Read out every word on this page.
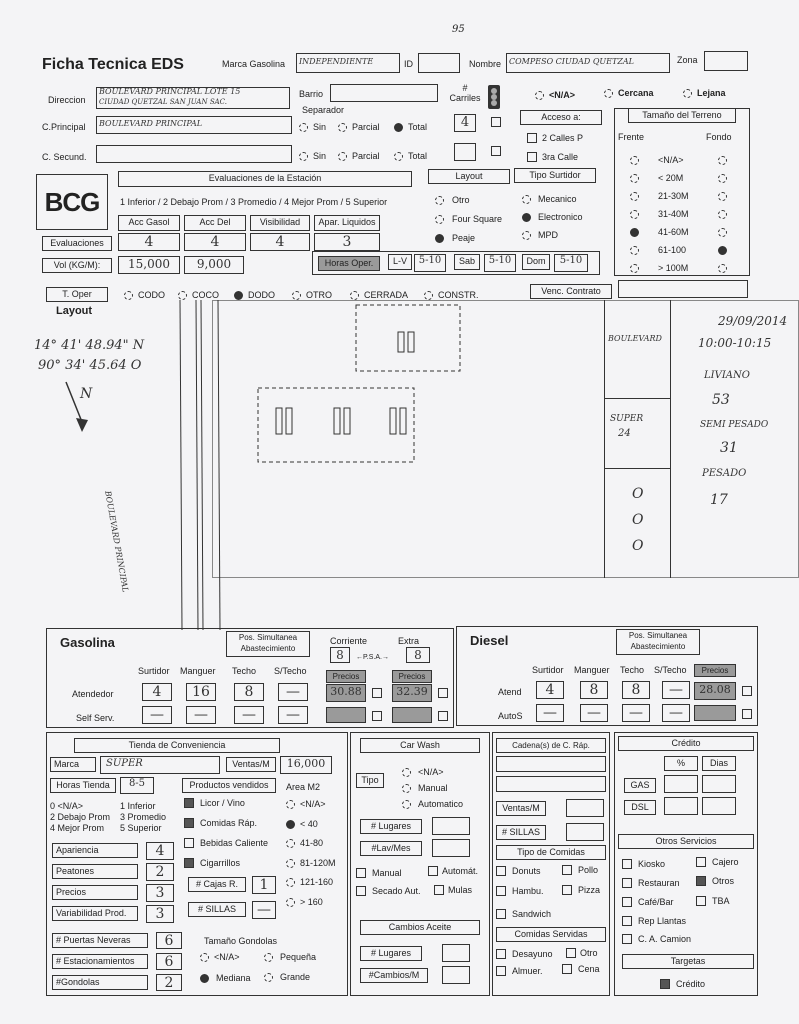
95
Ficha Tecnica EDS	Marca Gasolina INDEPENDIENTE	ID	Nombre COMPESO CIUDAD QUETZAL	Zona
Direccion
BOULEVARD PRINCIPAL LOTE 15
CIUDAD QUETZAL SAN JUAN SAC.
Barrio
Separador
C.Principal BOULEVARD PRINCIPAL	Sin	Parcial	Total
C. Secund.	Sin	Parcial	Total
# Carriles
4
<N/A>	Cercana	Lejana
Acceso a:
2 Calles P
3ra Calle
Tamaño del Terreno
Frente	Fondo
<N/A>
< 20M
21-30M
31-40M
41-60M
61-100
> 100M
BCG
Evaluaciones de la Estación
1 Inferior / 2 Debajo Prom / 3 Promedio / 4 Mejor Prom / 5 Superior
Acc Gasol	Acc Del	Visibilidad	Apar. Liquidos
Evaluaciones	4	4	4	3
Vol (KG/M):	15,000	9,000
Layout
Otro
Four Square
Peaje
Tipo Surtidor
Mecanico
Electronico
MPD
Horas Oper.	L-V	5-10	Sab	5-10	Dom	5-10
T. Oper	CODO	COCO	DODO	OTRO	CERRADA	CONSTR.	Venc. Contrato
Layout
14° 41' 48.94" N
90° 34' 45.64 O
N
BOULEVARD PRINCIPAL
BOULEVARD
SUPER
24
O
O
O
29/09/2014
10:00-10:15
LIVIANO
53
SEMI PESADO
31
PESADO
17
Gasolina	Pos. Simultanea Abastecimiento
Corriente	Extra
8	←P.S.A.→	8
Surtidor Manguer Techo S/Techo
Precios	Precios
Atendedor	4	16	8	—	30.88	32.39
Self Serv.	—	—	—	—
Diesel	Pos. Simultanea Abastecimiento
Surtidor Manguer Techo S/Techo	Precios
Atend	4	8	8	—	28.08
AutoS	—	—	—	—
Tienda de Conveniencia
Marca	SUPER	Ventas/M	16,000
Horas Tienda	8-5	Productos vendidos	Area M2
0 <N/A>	1 Inferior
2 Debajo Prom 3 Promedio
4 Mejor Prom 5 Superior
Licor / Vino
Comidas Ráp.
Bebidas Caliente
Cigarrillos
<N/A>
< 40
41-80
81-120M
121-160
> 160
Apariencia	4
Peatones	2
Precios	3
Variabilidad Prod.	3
# Cajas R.	1
# SILLAS	—
# Puertas Neveras	6
# Estacionamientos	6
#Gondolas	2
Tamaño Gondolas
<N/A>	Pequeña
Mediana	Grande
Car Wash
Tipo
<N/A>
Manual
Automatico
# Lugares
#Lav/Mes
Manual	Automát.
Secado Aut.	Mulas
Cambios Aceite
# Lugares
#Cambios/M
Cadena(s) de C. Ráp.
Ventas/M
# SILLAS
Tipo de Comidas
Donuts	Pollo
Hambu.	Pizza
Sandwich
Comidas Servidas
Desayuno	Otro
Almuer.	Cena
Crédito
%	Dias
GAS
DSL
Otros Servicios
Kiosko	Cajero
Restauran	Otros
Café/Bar	TBA
Rep Llantas
C. A. Camion
Targetas
Crédito
